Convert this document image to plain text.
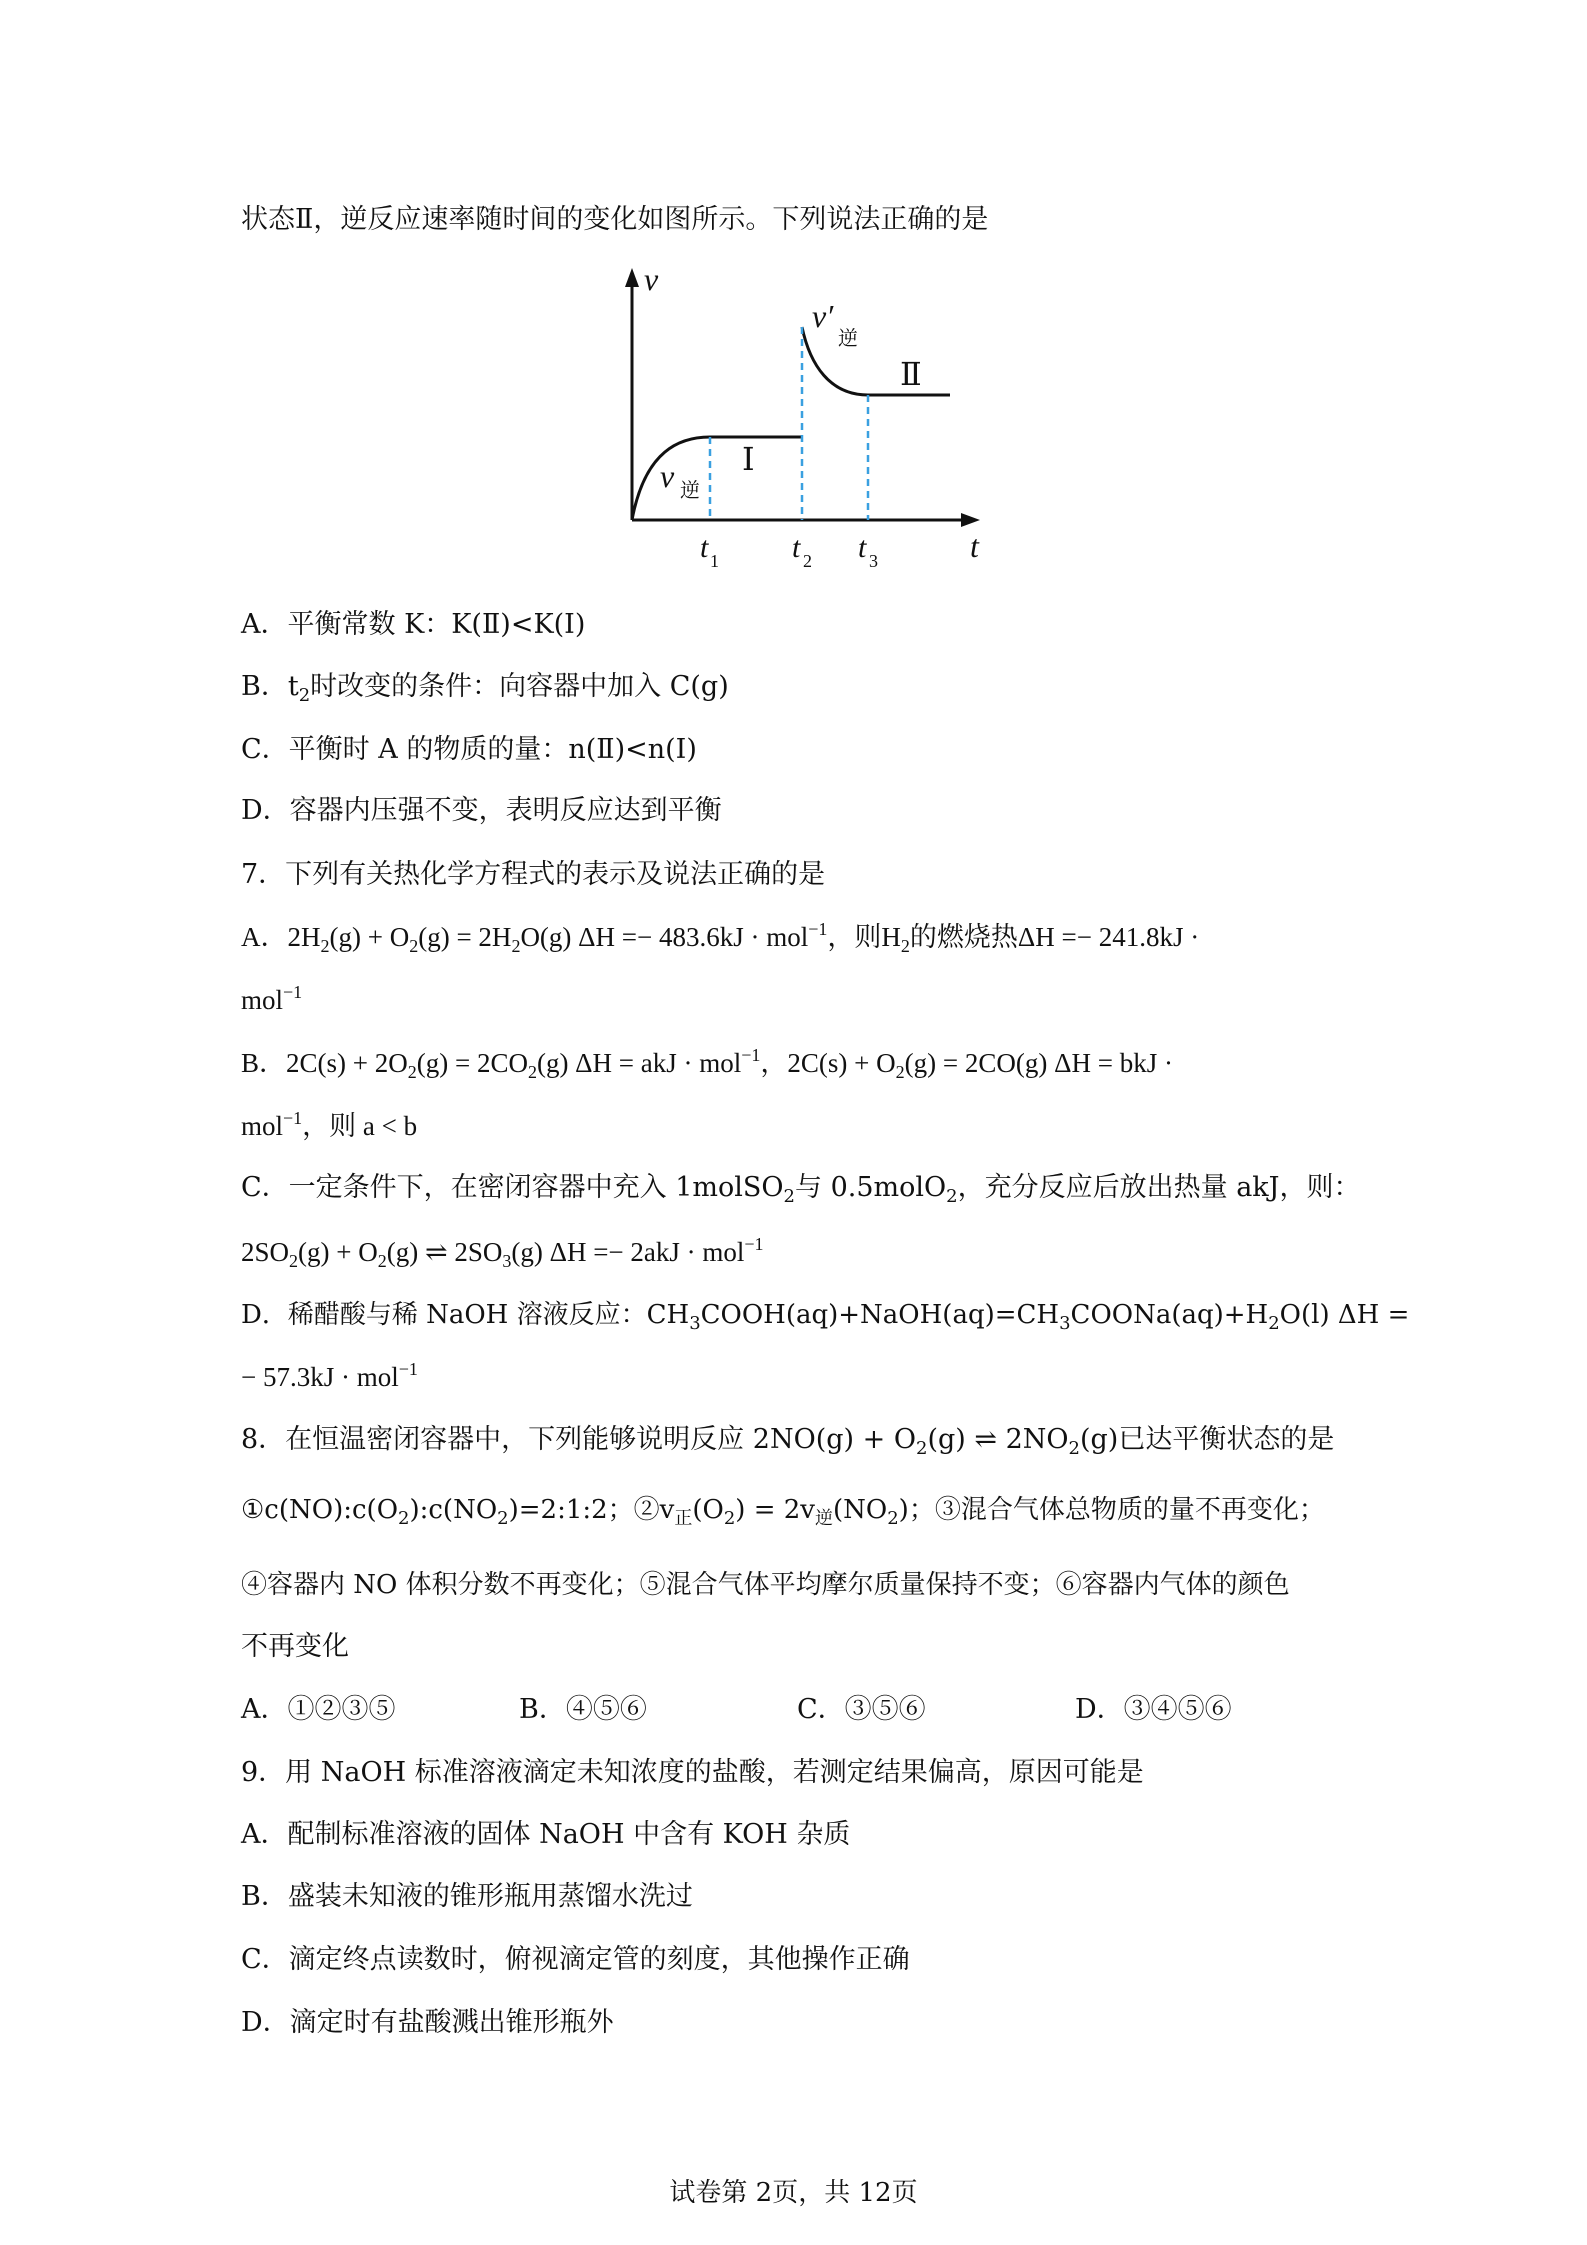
状态Ⅱ，逆反应速率随时间的变化如图所示。下列说法正确的是
v
t
v 逆
v′
逆
Ⅰ
Ⅱ
t 1 t 2 t 3
A．平衡常数 K：K(Ⅱ)<K(Ⅰ)
B．$t_2$时改变的条件：向容器中加入 C(g)
C．平衡时 A 的物质的量：n(Ⅱ)<n(Ⅰ)
D．容器内压强不变，表明反应达到平衡
7．下列有关热化学方程式的表示及说法正确的是
A．$2H_2(g) + O_2(g) = 2H_2O(g) \Delta H =- 483.6kJ \cdot mol^{-1}$，则$H_2$的燃烧热ΔH =− 241.8kJ ·
mol$^{-1}$
B．$2C(s) + 2O_2(g) = 2CO_2(g) \Delta H$ = akJ · mol$^{-1}$，$2C(s) + O_2(g) = 2CO(g) \Delta H$ = bkJ ·
mol$^{-1}$，则 a < b
C．一定条件下，在密闭容器中充入 1molSO$_2$与 0.5molO$_2$，充分反应后放出热量 akJ，则：
$2SO_2(g) + O_2(g)$ ⇌ $2SO_3(g) \Delta H =- 2akJ \cdot mol^{-1}$
D．稀醋酸与稀 NaOH 溶液反应：$CH_3COOH(aq)+NaOH(aq)=CH_3COONa(aq)+H_2O(l) \Delta H$ =
− 57.3kJ · mol$^{-1}$
8．在恒温密闭容器中，下列能够说明反应 $2NO(g) + O_2(g)$ ⇌ $2NO_2(g)$已达平衡状态的是
$①c(NO):c(O_2):c(NO_2)=2:1:2$；$②v_正(O_2) = 2v_逆(NO_2)$；③混合气体总物质的量不再变化；
④容器内 NO 体积分数不再变化；⑤混合气体平均摩尔质量保持不变；⑥容器内气体的颜色
不再变化
A．①②③⑤	B．④⑤⑥	C．③⑤⑥	D．③④⑤⑥
9．用 NaOH 标准溶液滴定未知浓度的盐酸，若测定结果偏高，原因可能是
A．配制标准溶液的固体 NaOH 中含有 KOH 杂质
B．盛装未知液的锥形瓶用蒸馏水洗过
C．滴定终点读数时，俯视滴定管的刻度，其他操作正确
D．滴定时有盐酸溅出锥形瓶外
试卷第 2页，共 12页
